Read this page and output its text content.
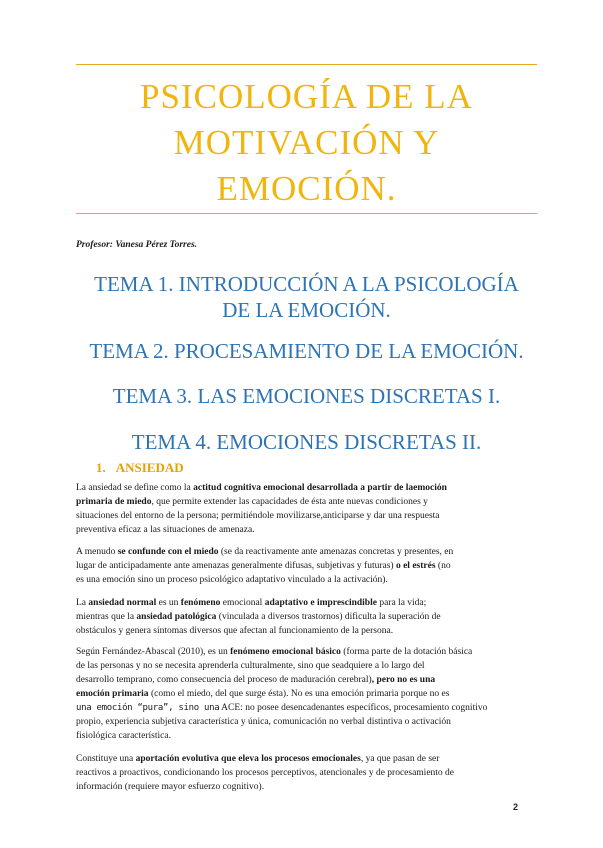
PSICOLOGÍA DE LA
MOTIVACIÓN Y
EMOCIÓN.
Profesor: Vanesa Pérez Torres.
TEMA 1. INTRODUCCIÓN A LA PSICOLOGÍA
DE LA EMOCIÓN.
TEMA 2. PROCESAMIENTO DE LA EMOCIÓN.
TEMA 3. LAS EMOCIONES DISCRETAS I.
TEMA 4. EMOCIONES DISCRETAS II.
1. ANSIEDAD

La ansiedad se define como la actitud cognitiva emocional desarrollada a partir de laemoción

primaria de miedo, que permite extender las capacidades de ésta ante nuevas condiciones y

situaciones del entorno de la persona; permitiéndole movilizarse,anticiparse y dar una respuesta

preventiva eficaz a las situaciones de amenaza.

A menudo se confunde con el miedo (se da reactivamente ante amenazas concretas y presentes, en

lugar de anticipadamente ante amenazas generalmente difusas, subjetivas y futuras) o el estrés (no

es una emoción sino un proceso psicológico adaptativo vinculado a la activación).

La ansiedad normal es un fenómeno emocional adaptativo e imprescindible para la vida;

mientras que la ansiedad patológica (vinculada a diversos trastornos) dificulta la superación de

obstáculos y genera síntomas diversos que afectan al funcionamiento de la persona.

Según Fernández-Abascal (2010), es un fenómeno emocional básico (forma parte de la dotación básica

de las personas y no se necesita aprenderla culturalmente, sino que seadquiere a lo largo del

desarrollo temprano, como consecuencia del proceso de maduración cerebral), pero no es una

emoción primaria (como el miedo, del que surge ésta). No es una emoción primaria porque no es

una emoción “pura”, sino una ACE: no posee desencadenantes específicos, procesamiento cognitivo

propio, experiencia subjetiva característica y única, comunicación no verbal distintiva o activación

fisiológica característica.

Constituye una aportación evolutiva que eleva los procesos emocionales, ya que pasan de ser

reactivos a proactivos, condicionando los procesos perceptivos, atencionales y de procesamiento de

información (requiere mayor esfuerzo cognitivo).

2
